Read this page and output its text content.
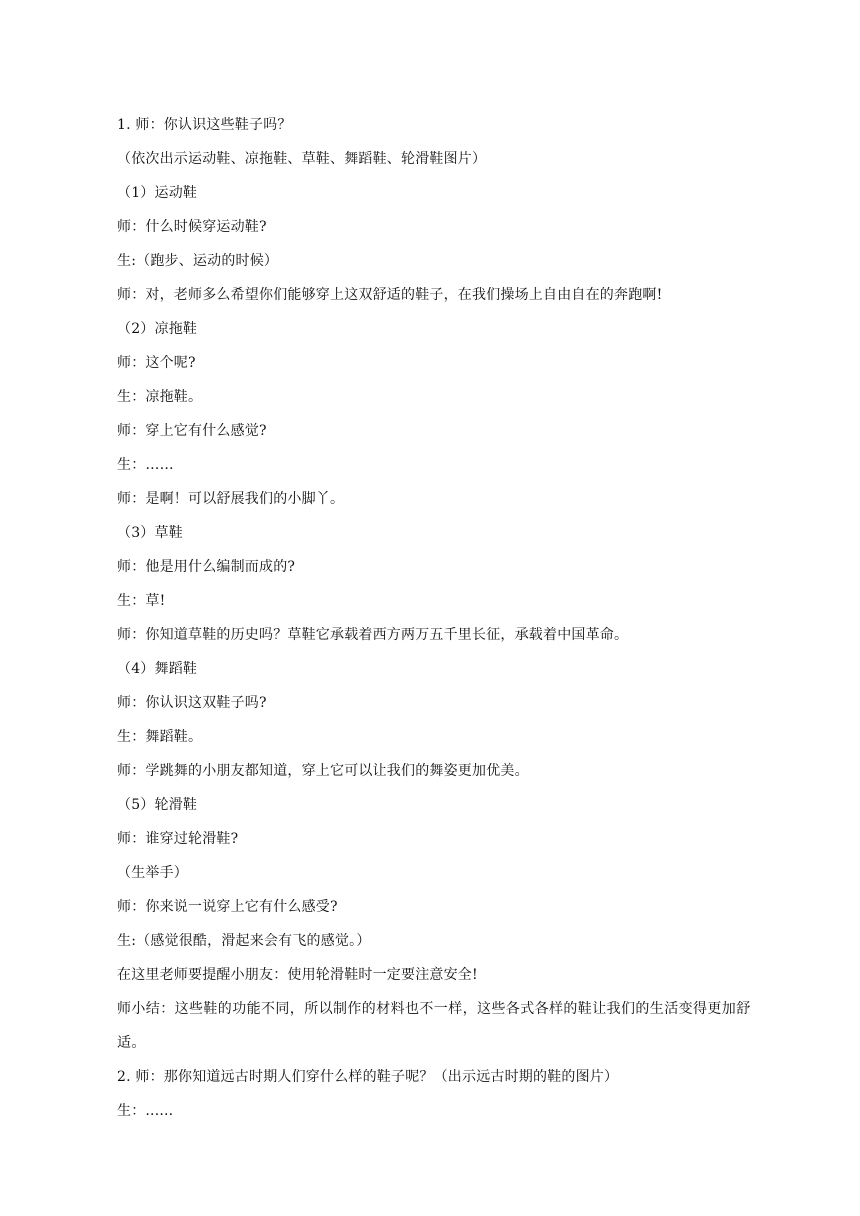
1. 师：你认识这些鞋子吗？
（依次出示运动鞋、凉拖鞋、草鞋、舞蹈鞋、轮滑鞋图片）
（1）运动鞋
师：什么时候穿运动鞋?
生:（跑步、运动的时候）
师：对，老师多么希望你们能够穿上这双舒适的鞋子，在我们操场上自由自在的奔跑啊!
（2）凉拖鞋
师：这个呢?
生：凉拖鞋。
师：穿上它有什么感觉?
生：……
师：是啊！可以舒展我们的小脚丫。
（3）草鞋
师：他是用什么编制而成的?
生：草!
师：你知道草鞋的历史吗？草鞋它承载着西方两万五千里长征，承载着中国革命。
（4）舞蹈鞋
师：你认识这双鞋子吗?
生：舞蹈鞋。
师：学跳舞的小朋友都知道，穿上它可以让我们的舞姿更加优美。
（5）轮滑鞋
师：谁穿过轮滑鞋?
（生举手）
师：你来说一说穿上它有什么感受?
生:（感觉很酷，滑起来会有飞的感觉。）
在这里老师要提醒小朋友：使用轮滑鞋时一定要注意安全!
师小结：这些鞋的功能不同，所以制作的材料也不一样，这些各式各样的鞋让我们的生活变得更加舒适。
2. 师：那你知道远古时期人们穿什么样的鞋子呢？（出示远古时期的鞋的图片）
生：......
